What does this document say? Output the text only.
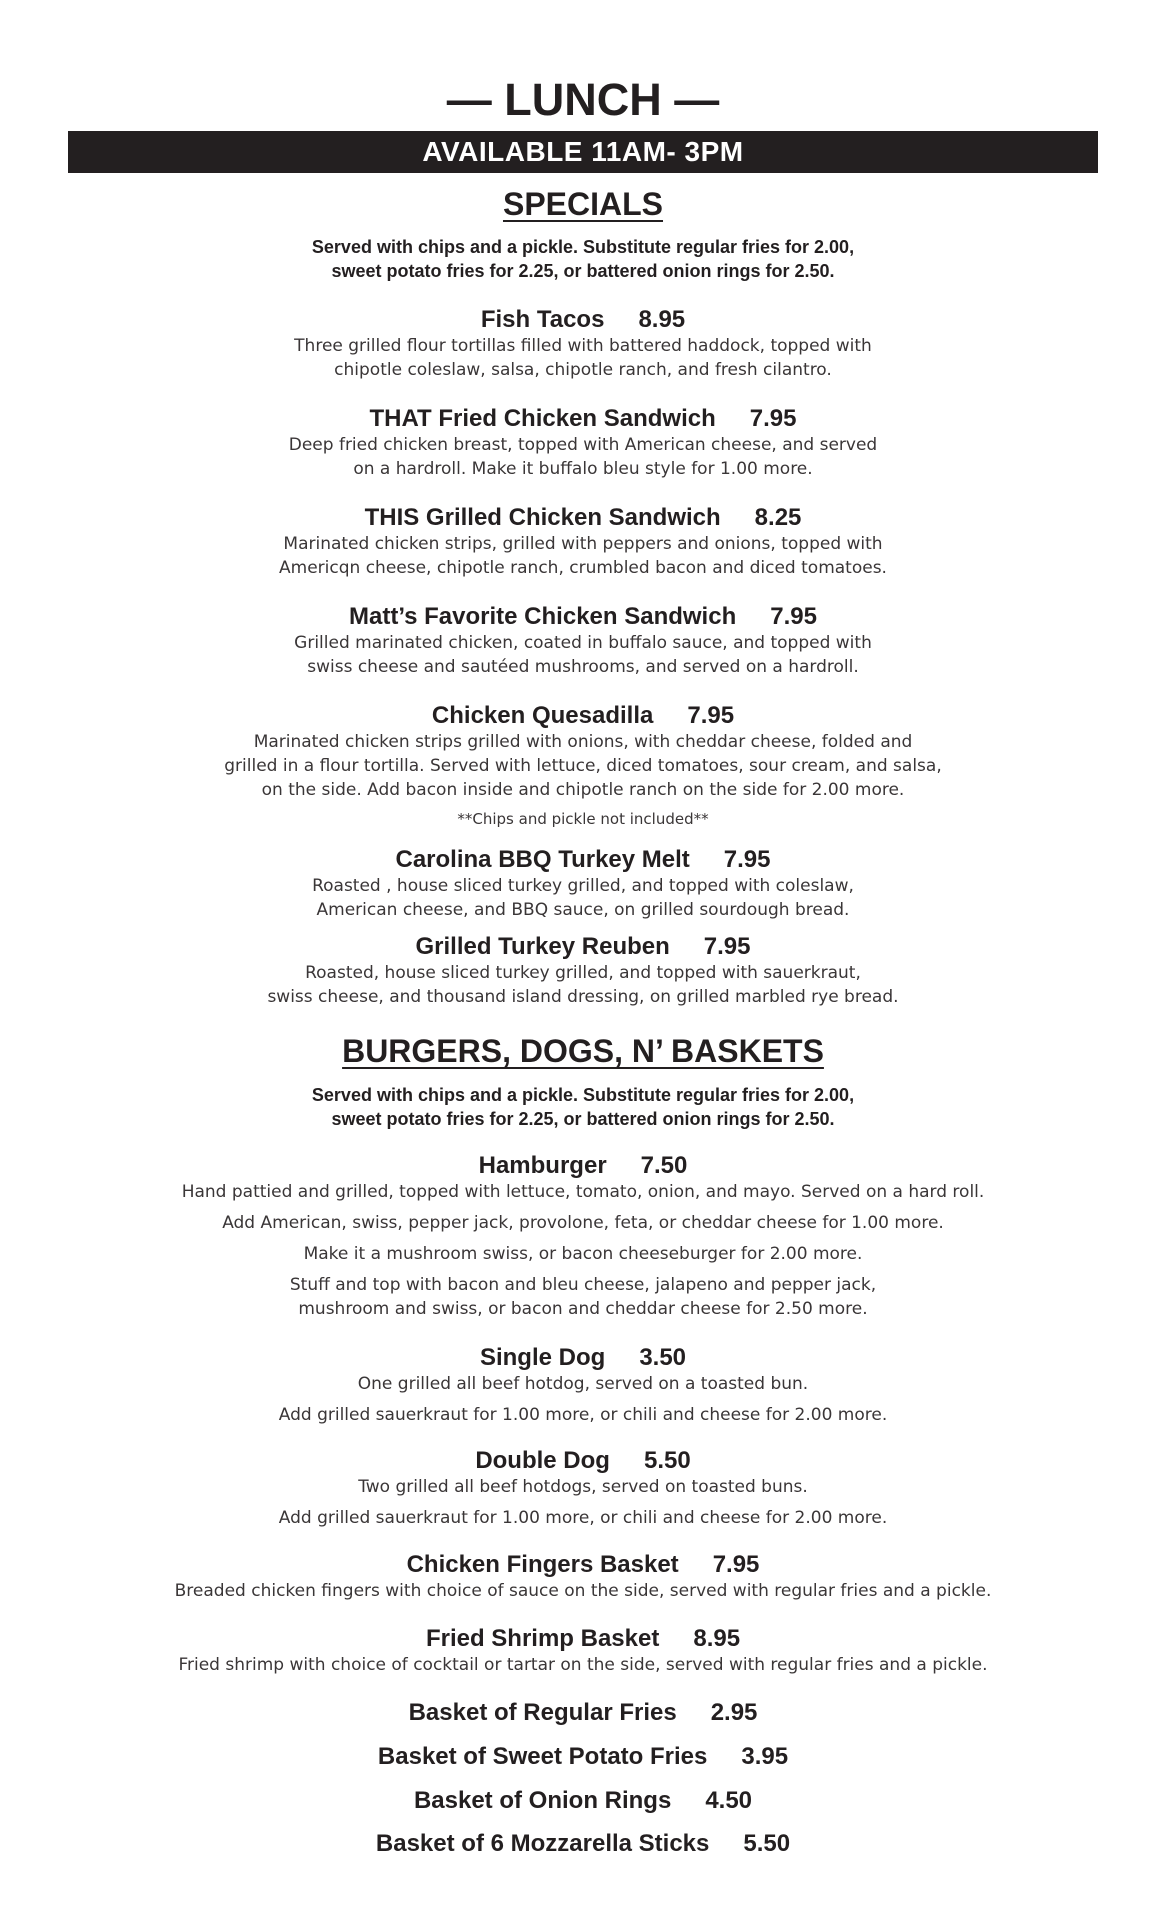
— LUNCH —
AVAILABLE 11AM- 3PM
SPECIALS
Served with chips and a pickle. Substitute regular fries for 2.00,
sweet potato fries for 2.25, or battered onion rings for 2.50.
Fish Tacos 8.95
Three grilled flour tortillas filled with battered haddock, topped with
chipotle coleslaw, salsa, chipotle ranch, and fresh cilantro.
THAT Fried Chicken Sandwich 7.95
Deep fried chicken breast, topped with American cheese, and served
on a hardroll. Make it buffalo bleu style for 1.00 more.
THIS Grilled Chicken Sandwich 8.25
Marinated chicken strips, grilled with peppers and onions, topped with
Americqn cheese, chipotle ranch, crumbled bacon and diced tomatoes.
Matt’s Favorite Chicken Sandwich 7.95
Grilled marinated chicken, coated in buffalo sauce, and topped with
swiss cheese and sautéed mushrooms, and served on a hardroll.
Chicken Quesadilla 7.95
Marinated chicken strips grilled with onions, with cheddar cheese, folded and
grilled in a flour tortilla. Served with lettuce, diced tomatoes, sour cream, and salsa,
on the side. Add bacon inside and chipotle ranch on the side for 2.00 more.
**Chips and pickle not included**
Carolina BBQ Turkey Melt 7.95
Roasted , house sliced turkey grilled, and topped with coleslaw,
American cheese, and BBQ sauce, on grilled sourdough bread.
Grilled Turkey Reuben 7.95
Roasted, house sliced turkey grilled, and topped with sauerkraut,
swiss cheese, and thousand island dressing, on grilled marbled rye bread.
BURGERS, DOGS, N’ BASKETS
Served with chips and a pickle. Substitute regular fries for 2.00,
sweet potato fries for 2.25, or battered onion rings for 2.50.
Hamburger 7.50
Hand pattied and grilled, topped with lettuce, tomato, onion, and mayo. Served on a hard roll.
Add American, swiss, pepper jack, provolone, feta, or cheddar cheese for 1.00 more.
Make it a mushroom swiss, or bacon cheeseburger for 2.00 more.
Stuff and top with bacon and bleu cheese, jalapeno and pepper jack,
mushroom and swiss, or bacon and cheddar cheese for 2.50 more.
Single Dog 3.50
One grilled all beef hotdog, served on a toasted bun.
Add grilled sauerkraut for 1.00 more, or chili and cheese for 2.00 more.
Double Dog 5.50
Two grilled all beef hotdogs, served on toasted buns.
Add grilled sauerkraut for 1.00 more, or chili and cheese for 2.00 more.
Chicken Fingers Basket 7.95
Breaded chicken fingers with choice of sauce on the side, served with regular fries and a pickle.
Fried Shrimp Basket 8.95
Fried shrimp with choice of cocktail or tartar on the side, served with regular fries and a pickle.
Basket of Regular Fries 2.95
Basket of Sweet Potato Fries 3.95
Basket of Onion Rings 4.50
Basket of 6 Mozzarella Sticks 5.50
